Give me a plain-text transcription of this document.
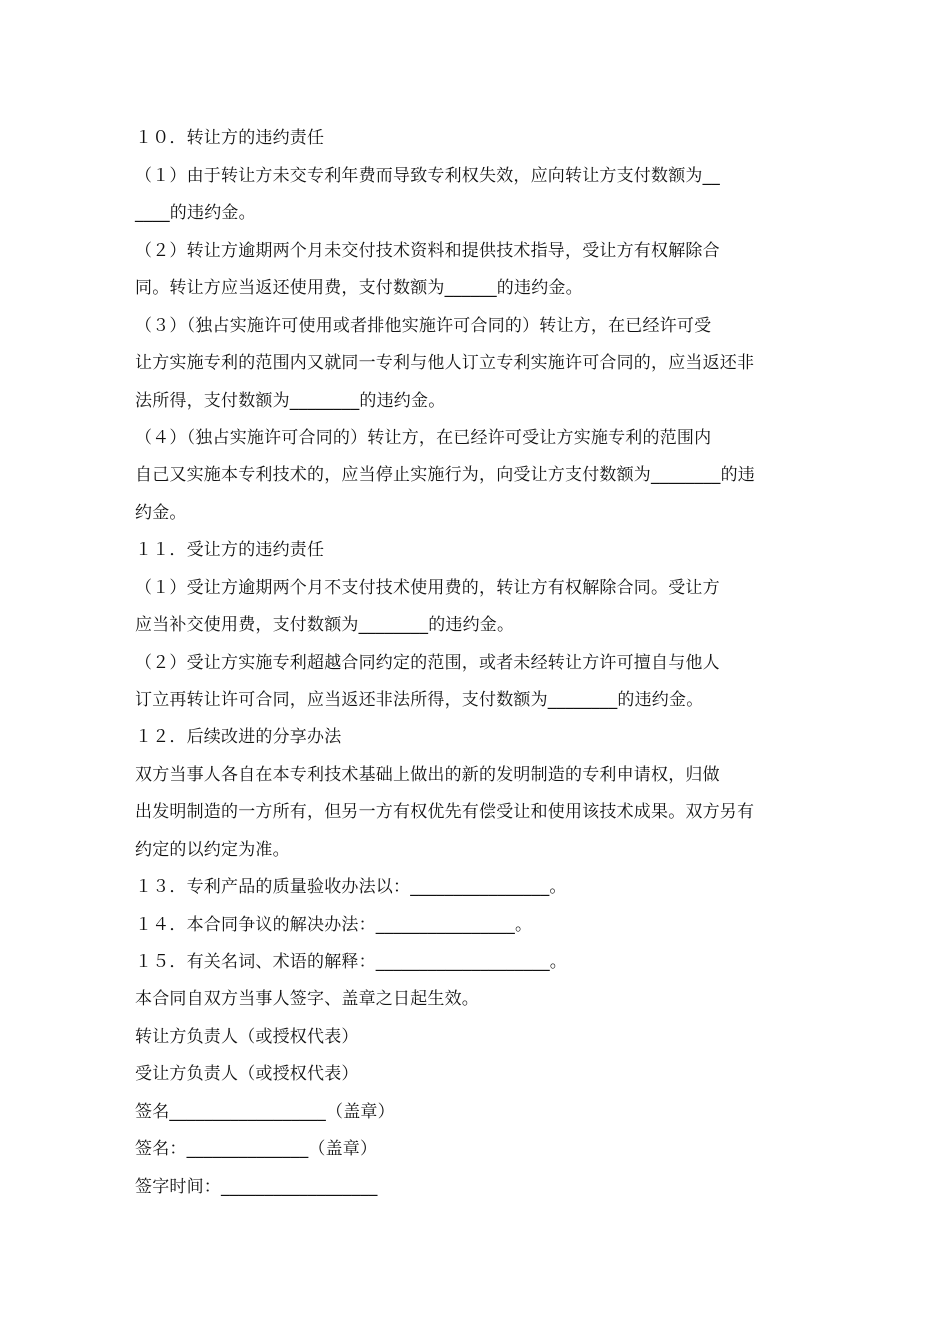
１０．转让方的违约责任

（１）由于转让方未交专利年费而导致专利权失效，应向转让方支付数额为__

____的违约金。

（２）转让方逾期两个月未交付技术资料和提供技术指导，受让方有权解除合

同。转让方应当返还使用费，支付数额为______的违约金。

（３）（独占实施许可使用或者排他实施许可合同的）转让方，在已经许可受

让方实施专利的范围内又就同一专利与他人订立专利实施许可合同的，应当返还非

法所得，支付数额为________的违约金。

（４）（独占实施许可合同的）转让方，在已经许可受让方实施专利的范围内

自己又实施本专利技术的，应当停止实施行为，向受让方支付数额为________的违

约金。

１１．受让方的违约责任

（１）受让方逾期两个月不支付技术使用费的，转让方有权解除合同。受让方

应当补交使用费，支付数额为________的违约金。

（２）受让方实施专利超越合同约定的范围，或者未经转让方许可擅自与他人

订立再转让许可合同，应当返还非法所得，支付数额为________的违约金。

１２．后续改进的分享办法

双方当事人各自在本专利技术基础上做出的新的发明制造的专利申请权，归做

出发明制造的一方所有，但另一方有权优先有偿受让和使用该技术成果。双方另有

约定的以约定为准。

１３．专利产品的质量验收办法以：________________。

１４．本合同争议的解决办法：________________。

１５．有关名词、术语的解释：____________________。

本合同自双方当事人签字、盖章之日起生效。

转让方负责人（或授权代表）

受让方负责人（或授权代表）

签名__________________（盖章）

签名：______________（盖章）

签字时间：__________________
